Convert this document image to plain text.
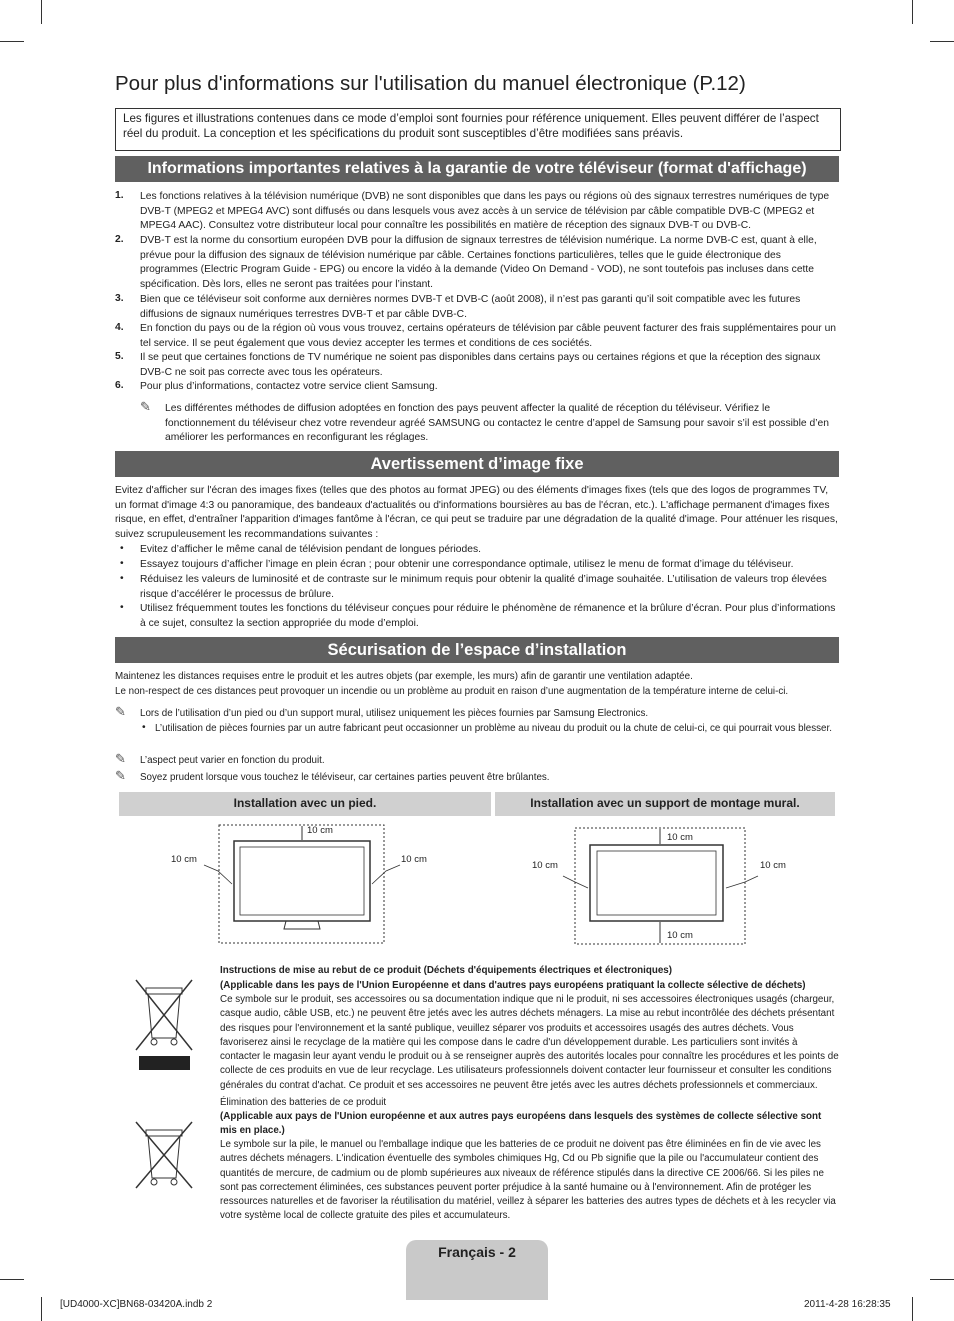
Pour plus d'informations sur l'utilisation du manuel électronique (P.12)
Les figures et illustrations contenues dans ce mode d’emploi sont fournies pour référence uniquement. Elles peuvent différer de l’aspect réel du produit. La conception et les spécifications du produit sont susceptibles d’être modifiées sans préavis.
Informations importantes relatives à la garantie de votre téléviseur (format d'affichage)
1. Les fonctions relatives à la télévision numérique (DVB) ne sont disponibles que dans les pays ou régions où des signaux terrestres numériques de type DVB-T (MPEG2 et MPEG4 AVC) sont diffusés ou dans lesquels vous avez accès à un service de télévision par câble compatible DVB-C (MPEG2 et MPEG4 AAC). Consultez votre distributeur local pour connaître les possibilités en matière de réception des signaux DVB-T ou DVB-C.
2. DVB-T est la norme du consortium européen DVB pour la diffusion de signaux terrestres de télévision numérique. La norme DVB-C est, quant à elle, prévue pour la diffusion des signaux de télévision numérique par câble. Certaines fonctions particulières, telles que le guide électronique des programmes (Electric Program Guide - EPG) ou encore la vidéo à la demande (Video On Demand - VOD), ne sont toutefois pas incluses dans cette spécification. Dès lors, elles ne seront pas traitées pour l’instant.
3. Bien que ce téléviseur soit conforme aux dernières normes DVB-T et DVB-C (août 2008), il n’est pas garanti qu’il soit compatible avec les futures diffusions de signaux numériques terrestres DVB-T et par câble DVB-C.
4. En fonction du pays ou de la région où vous vous trouvez, certains opérateurs de télévision par câble peuvent facturer des frais supplémentaires pour un tel service. Il se peut également que vous deviez accepter les termes et conditions de ces sociétés.
5. Il se peut que certaines fonctions de TV numérique ne soient pas disponibles dans certains pays ou certaines régions et que la réception des signaux DVB-C ne soit pas correcte avec tous les opérateurs.
6. Pour plus d’informations, contactez votre service client Samsung.
✎ Les différentes méthodes de diffusion adoptées en fonction des pays peuvent affecter la qualité de réception du téléviseur. Vérifiez le fonctionnement du téléviseur chez votre revendeur agréé SAMSUNG ou contactez le centre d’appel de Samsung pour savoir s’il est possible d’en améliorer les performances en reconfigurant les réglages.
Avertissement d’image fixe
Evitez d'afficher sur l'écran des images fixes (telles que des photos au format JPEG) ou des éléments d'images fixes (tels que des logos de programmes TV, un format d'image 4:3 ou panoramique, des bandeaux d'actualités ou d'informations boursières au bas de l'écran, etc.). L'affichage permanent d'images fixes risque, en effet, d'entraîner l'apparition d'images fantôme à l'écran, ce qui peut se traduire par une dégradation de la qualité d'image. Pour atténuer les risques, suivez scrupuleusement les recommandations suivantes :
• Evitez d’afficher le même canal de télévision pendant de longues périodes.
• Essayez toujours d’afficher l’image en plein écran ; pour obtenir une correspondance optimale, utilisez le menu de format d’image du téléviseur.
• Réduisez les valeurs de luminosité et de contraste sur le minimum requis pour obtenir la qualité d’image souhaitée. L’utilisation de valeurs trop élevées risque d’accélérer le processus de brûlure.
• Utilisez fréquemment toutes les fonctions du téléviseur conçues pour réduire le phénomène de rémanence et la brûlure d’écran. Pour plus d’informations à ce sujet, consultez la section appropriée du mode d’emploi.
Sécurisation de l’espace d’installation
Maintenez les distances requises entre le produit et les autres objets (par exemple, les murs) afin de garantir une ventilation adaptée.
Le non-respect de ces distances peut provoquer un incendie ou un problème au produit en raison d’une augmentation de la température interne de celui-ci.
✎ Lors de l’utilisation d’un pied ou d’un support mural, utilisez uniquement les pièces fournies par Samsung Electronics.
• L’utilisation de pièces fournies par un autre fabricant peut occasionner un problème au niveau du produit ou la chute de celui-ci, ce qui pourrait vous blesser.
✎ L’aspect peut varier en fonction du produit.
✎ Soyez prudent lorsque vous touchez le téléviseur, car certaines parties peuvent être brûlantes.
Installation avec un pied.	Installation avec un support de montage mural.
10 cm
10 cm	10 cm
10 cm
10 cm	10 cm
10 cm
Instructions de mise au rebut de ce produit (Déchets d'équipements électriques et électroniques)
(Applicable dans les pays de l'Union Européenne et dans d'autres pays européens pratiquant la collecte sélective de déchets)
Ce symbole sur le produit, ses accessoires ou sa documentation indique que ni le produit, ni ses accessoires électroniques usagés (chargeur, casque audio, câble USB, etc.) ne peuvent être jetés avec les autres déchets ménagers. La mise au rebut incontrôlée des déchets présentant des risques pour l'environnement et la santé publique, veuillez séparer vos produits et accessoires usagés des autres déchets. Vous favoriserez ainsi le recyclage de la matière qui les compose dans le cadre d'un développement durable. Les particuliers sont invités à contacter le magasin leur ayant vendu le produit ou à se renseigner auprès des autorités locales pour connaître les procédures et les points de collecte de ces produits en vue de leur recyclage. Les utilisateurs professionnels doivent contacter leur fournisseur et consulter les conditions générales du contrat d'achat. Ce produit et ses accessoires ne peuvent être jetés avec les autres déchets professionnels et commerciaux.
Élimination des batteries de ce produit
(Applicable aux pays de l'Union européenne et aux autres pays européens dans lesquels des systèmes de collecte sélective sont mis en place.)
Le symbole sur la pile, le manuel ou l'emballage indique que les batteries de ce produit ne doivent pas être éliminées en fin de vie avec les autres déchets ménagers. L'indication éventuelle des symboles chimiques Hg, Cd ou Pb signifie que la pile ou l'accumulateur contient des quantités de mercure, de cadmium ou de plomb supérieures aux niveaux de référence stipulés dans la directive CE 2006/66. Si les piles ne sont pas correctement éliminées, ces substances peuvent porter préjudice à la santé humaine ou à l'environnement. Afin de protéger les ressources naturelles et de favoriser la réutilisation du matériel, veillez à séparer les batteries des autres types de déchets et à les recycler via votre système local de collecte gratuite des piles et accumulateurs.
Français - 2
[UD4000-XC]BN68-03420A.indb 2	2011-4-28 16:28:35
